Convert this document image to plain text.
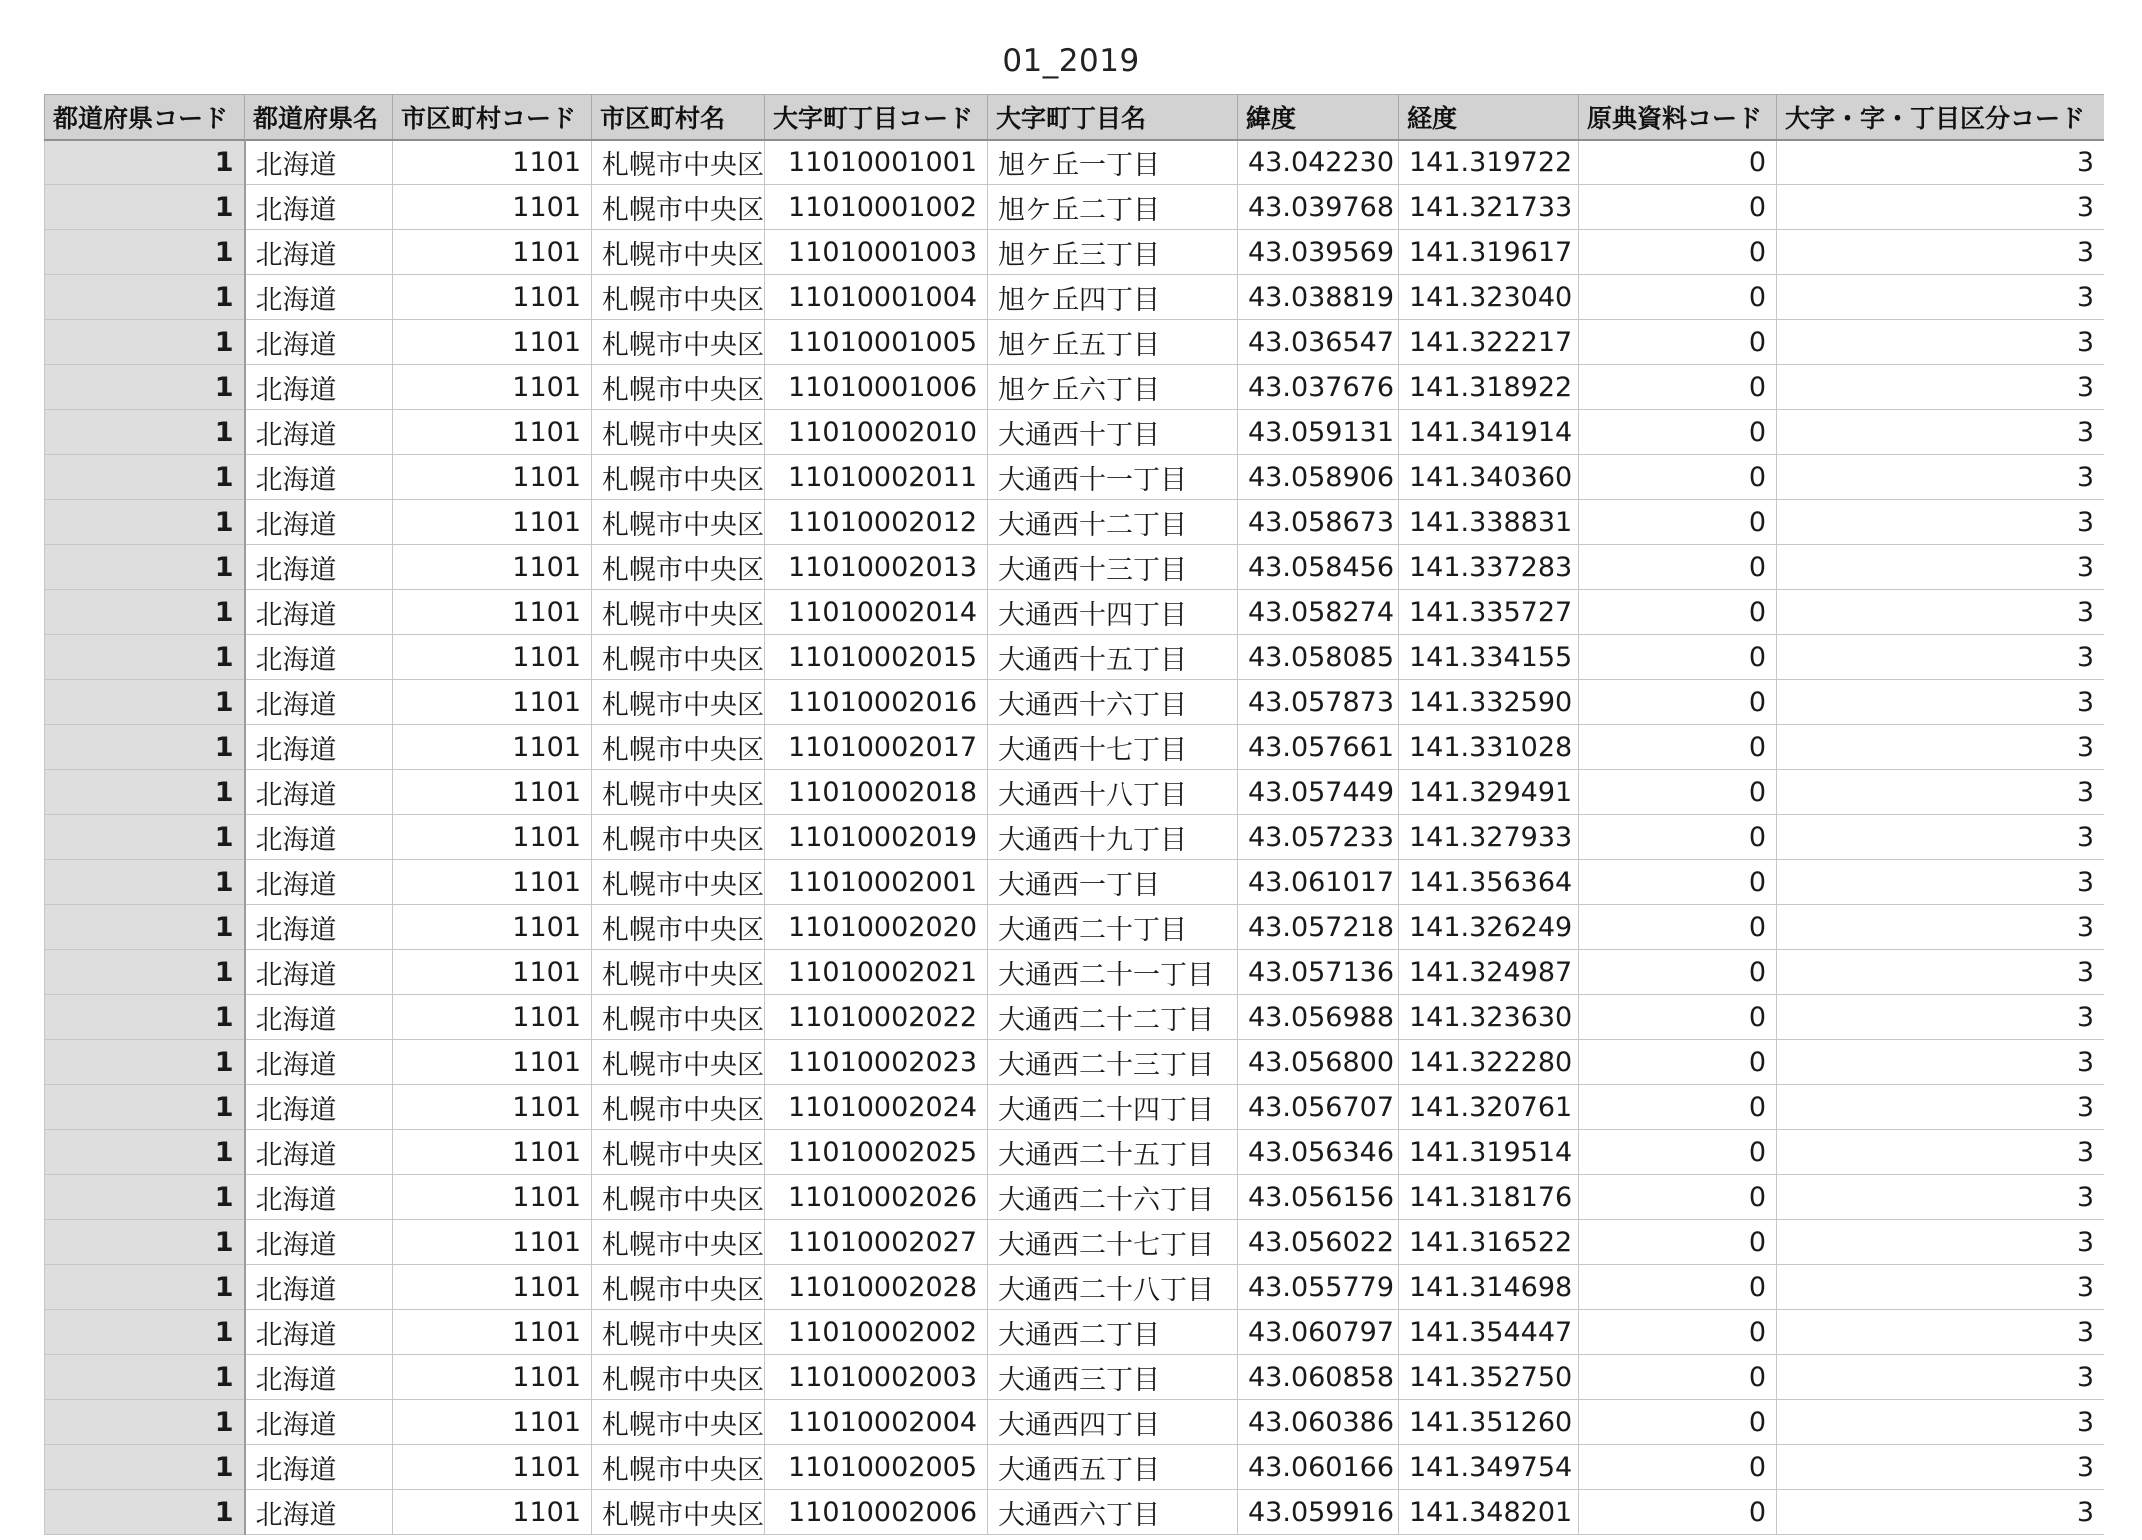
01_2019
都道府県コード	都道府県名	市区町村コード	市区町村名	大字町丁目コード	大字町丁目名	緯度	経度	原典資料コード	大字・字・丁目区分コード
1	北海道	1101	札幌市中央区	11010001001	旭ケ丘一丁目	43.042230	141.319722	0	3
1	北海道	1101	札幌市中央区	11010001002	旭ケ丘二丁目	43.039768	141.321733	0	3
1	北海道	1101	札幌市中央区	11010001003	旭ケ丘三丁目	43.039569	141.319617	0	3
1	北海道	1101	札幌市中央区	11010001004	旭ケ丘四丁目	43.038819	141.323040	0	3
1	北海道	1101	札幌市中央区	11010001005	旭ケ丘五丁目	43.036547	141.322217	0	3
1	北海道	1101	札幌市中央区	11010001006	旭ケ丘六丁目	43.037676	141.318922	0	3
1	北海道	1101	札幌市中央区	11010002010	大通西十丁目	43.059131	141.341914	0	3
1	北海道	1101	札幌市中央区	11010002011	大通西十一丁目	43.058906	141.340360	0	3
1	北海道	1101	札幌市中央区	11010002012	大通西十二丁目	43.058673	141.338831	0	3
1	北海道	1101	札幌市中央区	11010002013	大通西十三丁目	43.058456	141.337283	0	3
1	北海道	1101	札幌市中央区	11010002014	大通西十四丁目	43.058274	141.335727	0	3
1	北海道	1101	札幌市中央区	11010002015	大通西十五丁目	43.058085	141.334155	0	3
1	北海道	1101	札幌市中央区	11010002016	大通西十六丁目	43.057873	141.332590	0	3
1	北海道	1101	札幌市中央区	11010002017	大通西十七丁目	43.057661	141.331028	0	3
1	北海道	1101	札幌市中央区	11010002018	大通西十八丁目	43.057449	141.329491	0	3
1	北海道	1101	札幌市中央区	11010002019	大通西十九丁目	43.057233	141.327933	0	3
1	北海道	1101	札幌市中央区	11010002001	大通西一丁目	43.061017	141.356364	0	3
1	北海道	1101	札幌市中央区	11010002020	大通西二十丁目	43.057218	141.326249	0	3
1	北海道	1101	札幌市中央区	11010002021	大通西二十一丁目	43.057136	141.324987	0	3
1	北海道	1101	札幌市中央区	11010002022	大通西二十二丁目	43.056988	141.323630	0	3
1	北海道	1101	札幌市中央区	11010002023	大通西二十三丁目	43.056800	141.322280	0	3
1	北海道	1101	札幌市中央区	11010002024	大通西二十四丁目	43.056707	141.320761	0	3
1	北海道	1101	札幌市中央区	11010002025	大通西二十五丁目	43.056346	141.319514	0	3
1	北海道	1101	札幌市中央区	11010002026	大通西二十六丁目	43.056156	141.318176	0	3
1	北海道	1101	札幌市中央区	11010002027	大通西二十七丁目	43.056022	141.316522	0	3
1	北海道	1101	札幌市中央区	11010002028	大通西二十八丁目	43.055779	141.314698	0	3
1	北海道	1101	札幌市中央区	11010002002	大通西二丁目	43.060797	141.354447	0	3
1	北海道	1101	札幌市中央区	11010002003	大通西三丁目	43.060858	141.352750	0	3
1	北海道	1101	札幌市中央区	11010002004	大通西四丁目	43.060386	141.351260	0	3
1	北海道	1101	札幌市中央区	11010002005	大通西五丁目	43.060166	141.349754	0	3
1	北海道	1101	札幌市中央区	11010002006	大通西六丁目	43.059916	141.348201	0	3
